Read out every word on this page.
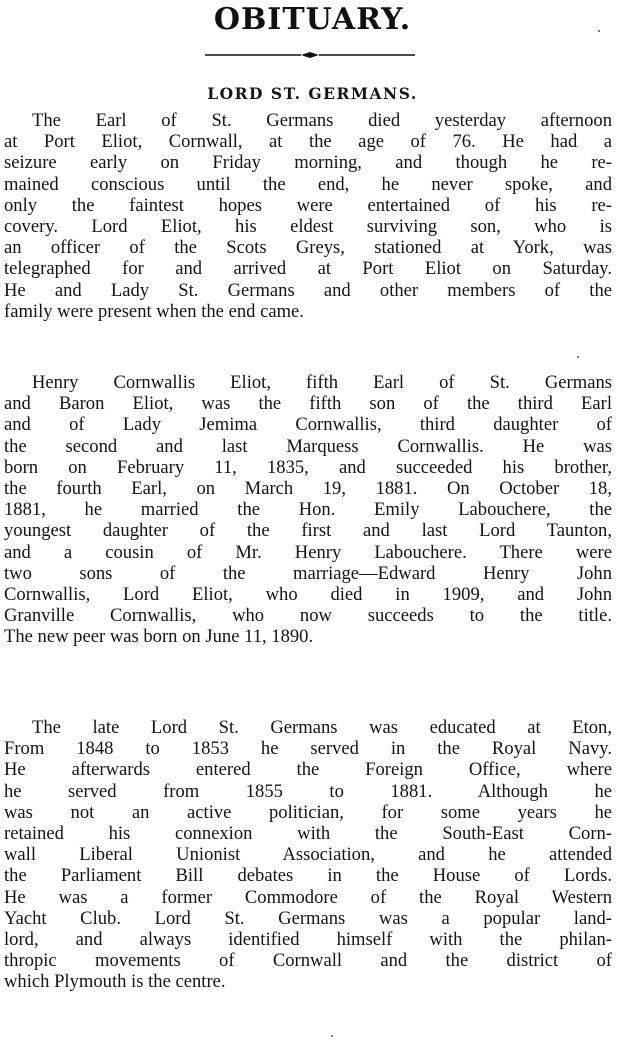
OBITUARY.
LORD ST. GERMANS.
The Earl of St. Germans died yesterday afternoon
at Port Eliot, Cornwall, at the age of 76. He had a
seizure early on Friday morning, and though he re-
mained conscious until the end, he never spoke, and
only the faintest hopes were entertained of his re-
covery. Lord Eliot, his eldest surviving son, who is
an officer of the Scots Greys, stationed at York, was
telegraphed for and arrived at Port Eliot on Saturday.
He and Lady St. Germans and other members of the
family were present when the end came.
Henry Cornwallis Eliot, fifth Earl of St. Germans
and Baron Eliot, was the fifth son of the third Earl
and of Lady Jemima Cornwallis, third daughter of
the second and last Marquess Cornwallis. He was
born on February 11, 1835, and succeeded his brother,
the fourth Earl, on March 19, 1881. On October 18,
1881, he married the Hon. Emily Labouchere, the
youngest daughter of the first and last Lord Taunton,
and a cousin of Mr. Henry Labouchere. There were
two sons of the marriage—Edward Henry John
Cornwallis, Lord Eliot, who died in 1909, and John
Granville Cornwallis, who now succeeds to the title.
The new peer was born on June 11, 1890.
The late Lord St. Germans was educated at Eton,
From 1848 to 1853 he served in the Royal Navy.
He afterwards entered the Foreign Office, where
he served from 1855 to 1881. Although he
was not an active politician, for some years he
retained his connexion with the South-East Corn-
wall Liberal Unionist Association, and he attended
the Parliament Bill debates in the House of Lords.
He was a former Commodore of the Royal Western
Yacht Club. Lord St. Germans was a popular land-
lord, and always identified himself with the philan-
thropic movements of Cornwall and the district of
which Plymouth is the centre.
